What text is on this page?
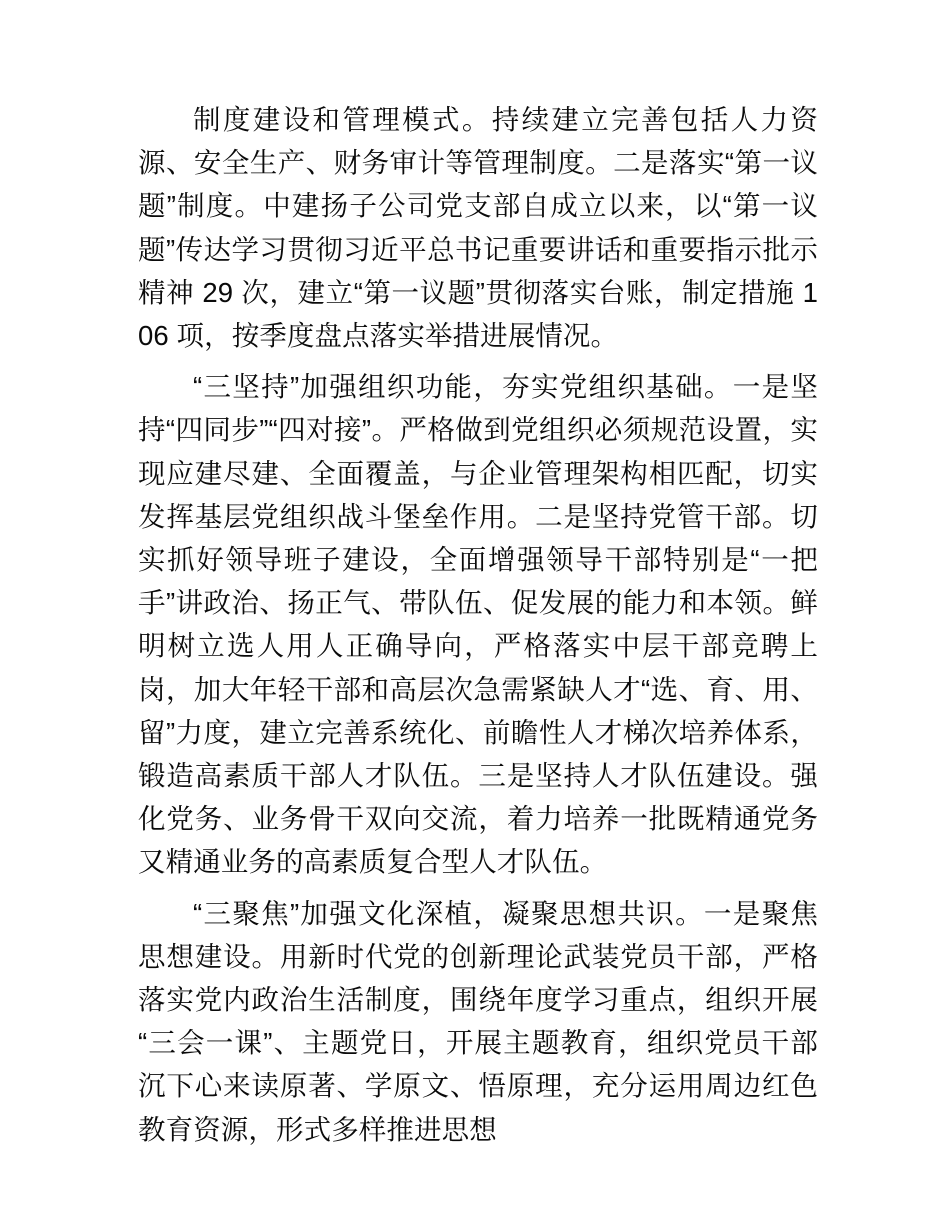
制度建设和管理模式。持续建立完善包括人力资源、安全生产、财务审计等管理制度。二是落实“第一议题”制度。中建扬子公司党支部自成立以来，以“第一议题”传达学习贯彻习近平总书记重要讲话和重要指示批示精神 29 次，建立“第一议题”贯彻落实台账，制定措施 106 项，按季度盘点落实举措进展情况。

“三坚持”加强组织功能，夯实党组织基础。一是坚持“四同步”“四对接”。严格做到党组织必须规范设置，实现应建尽建、全面覆盖，与企业管理架构相匹配，切实发挥基层党组织战斗堡垒作用。二是坚持党管干部。切实抓好领导班子建设，全面增强领导干部特别是“一把手”讲政治、扬正气、带队伍、促发展的能力和本领。鲜明树立选人用人正确导向，严格落实中层干部竞聘上岗，加大年轻干部和高层次急需紧缺人才“选、育、用、留”力度，建立完善系统化、前瞻性人才梯次培养体系，锻造高素质干部人才队伍。三是坚持人才队伍建设。强化党务、业务骨干双向交流，着力培养一批既精通党务又精通业务的高素质复合型人才队伍。

“三聚焦”加强文化深植，凝聚思想共识。一是聚焦思想建设。用新时代党的创新理论武装党员干部，严格落实党内政治生活制度，围绕年度学习重点，组织开展“三会一课”、主题党日，开展主题教育，组织党员干部沉下心来读原著、学原文、悟原理，充分运用周边红色教育资源，形式多样推进思想
